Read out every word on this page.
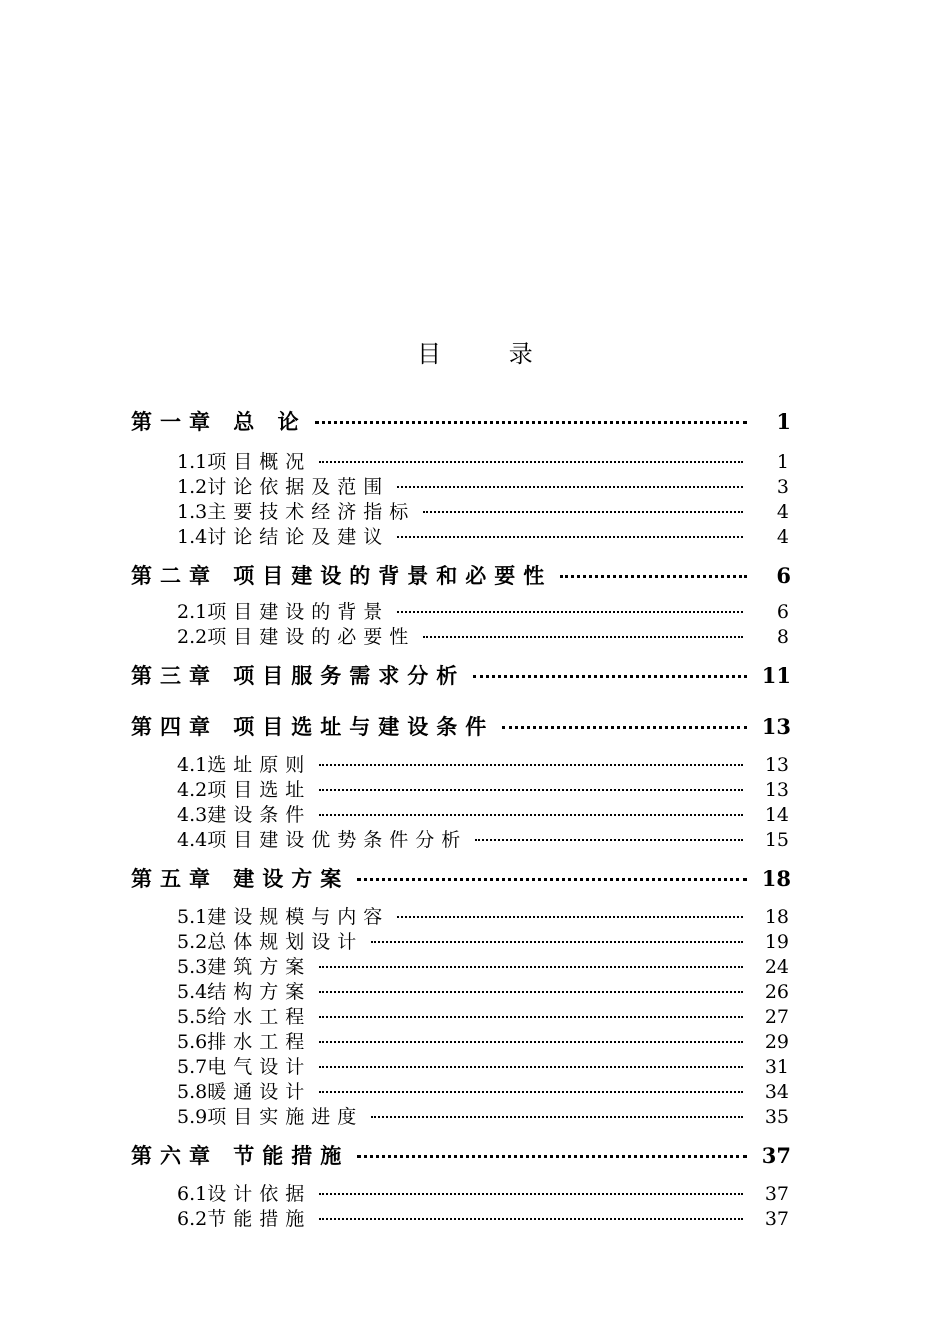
目 录
第一章 总 论	1
1.1 项目概况	1
1.2 讨论依据及范围	3
1.3 主要技术经济指标	4
1.4 讨论结论及建议	4
第二章 项目建设的背景和必要性	6
2.1 项目建设的背景	6
2.2 项目建设的必要性	8
第三章 项目服务需求分析	11
第四章 项目选址与建设条件	13
4.1 选址原则	13
4.2 项目选址	13
4.3 建设条件	14
4.4 项目建设优势条件分析	15
第五章 建设方案	18
5.1 建设规模与内容	18
5.2 总体规划设计	19
5.3 建筑方案	24
5.4 结构方案	26
5.5 给水工程	27
5.6 排水工程	29
5.7 电气设计	31
5.8 暖通设计	34
5.9 项目实施进度	35
第六章 节能措施	37
6.1 设计依据	37
6.2 节能措施	37
